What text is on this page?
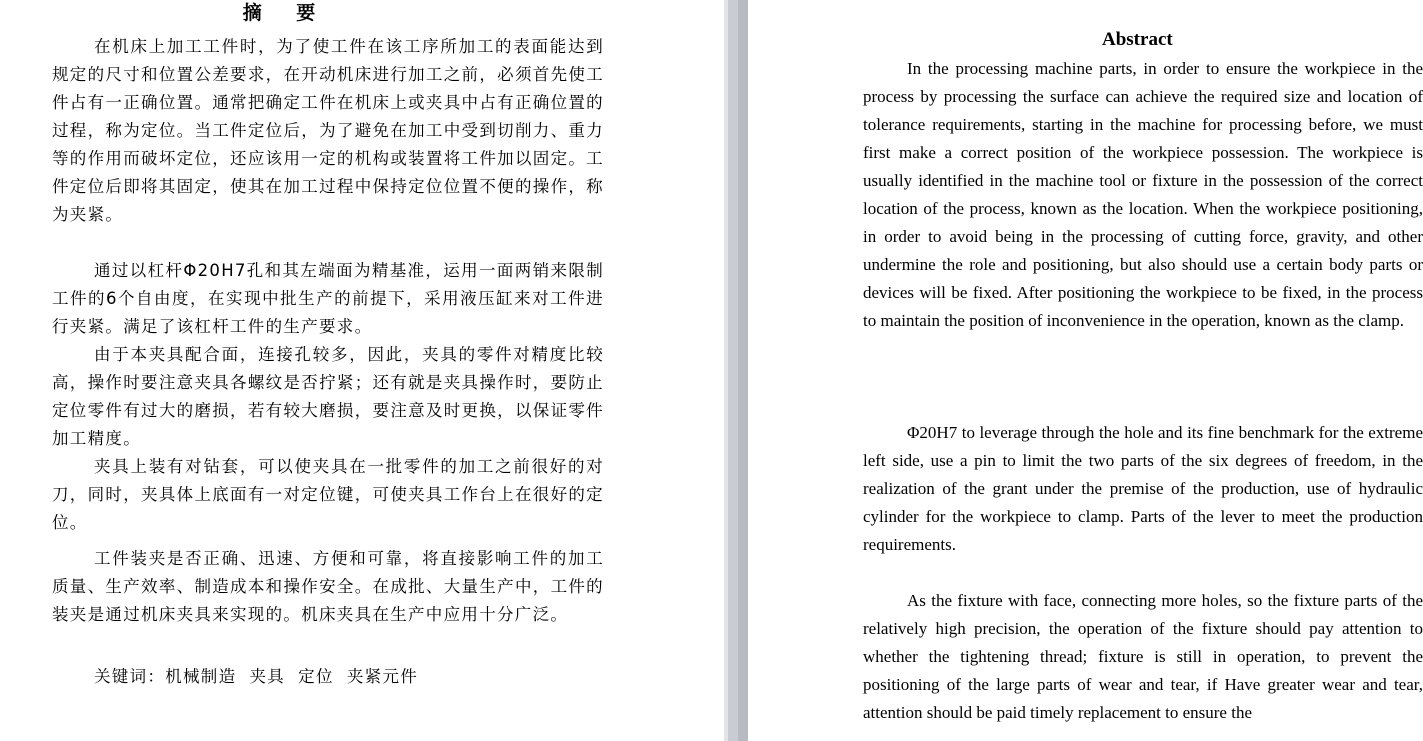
摘 要

在机床上加工工件时，为了使工件在该工序所加工的表面能达到规定的尺寸和位置公差要求，在开动机床进行加工之前，必须首先使工件占有一正确位置。通常把确定工件在机床上或夹具中占有正确位置的过程，称为定位。当工件定位后，为了避免在加工中受到切削力、重力等的作用而破坏定位，还应该用一定的机构或装置将工件加以固定。工件定位后即将其固定，使其在加工过程中保持定位位置不便的操作，称为夹紧。

通过以杠杆Φ20H7孔和其左端面为精基准，运用一面两销来限制工件的6个自由度，在实现中批生产的前提下，采用液压缸来对工件进行夹紧。满足了该杠杆工件的生产要求。

由于本夹具配合面，连接孔较多，因此，夹具的零件对精度比较高，操作时要注意夹具各螺纹是否拧紧；还有就是夹具操作时，要防止定位零件有过大的磨损，若有较大磨损，要注意及时更换，以保证零件加工精度。

夹具上装有对钻套，可以使夹具在一批零件的加工之前很好的对刀，同时，夹具体上底面有一对定位键，可使夹具工作台上在很好的定位。

工件装夹是否正确、迅速、方便和可靠，将直接影响工件的加工质量、生产效率、制造成本和操作安全。在成批、大量生产中，工件的装夹是通过机床夹具来实现的。机床夹具在生产中应用十分广泛。

关键词：机械制造  夹具  定位  夹紧元件
Abstract

In the processing machine parts, in order to ensure the workpiece in the process by processing the surface can achieve the required size and location of tolerance requirements, starting in the machine for processing before, we must first make a correct position of the workpiece possession. The workpiece is usually identified in the machine tool or fixture in the possession of the correct location of the process, known as the location. When the workpiece positioning, in order to avoid being in the processing of cutting force, gravity, and other undermine the role and positioning, but also should use a certain body parts or devices will be fixed. After positioning the workpiece to be fixed, in the process to maintain the position of inconvenience in the operation, known as the clamp.

Φ20H7 to leverage through the hole and its fine benchmark for the extreme left side, use a pin to limit the two parts of the six degrees of freedom, in the realization of the grant under the premise of the production, use of hydraulic cylinder for the workpiece to clamp. Parts of the lever to meet the production requirements.

As the fixture with face, connecting more holes, so the fixture parts of the relatively high precision, the operation of the fixture should pay attention to whether the tightening thread; fixture is still in operation, to prevent the positioning of the large parts of wear and tear, if Have greater wear and tear, attention should be paid timely replacement to ensure the
